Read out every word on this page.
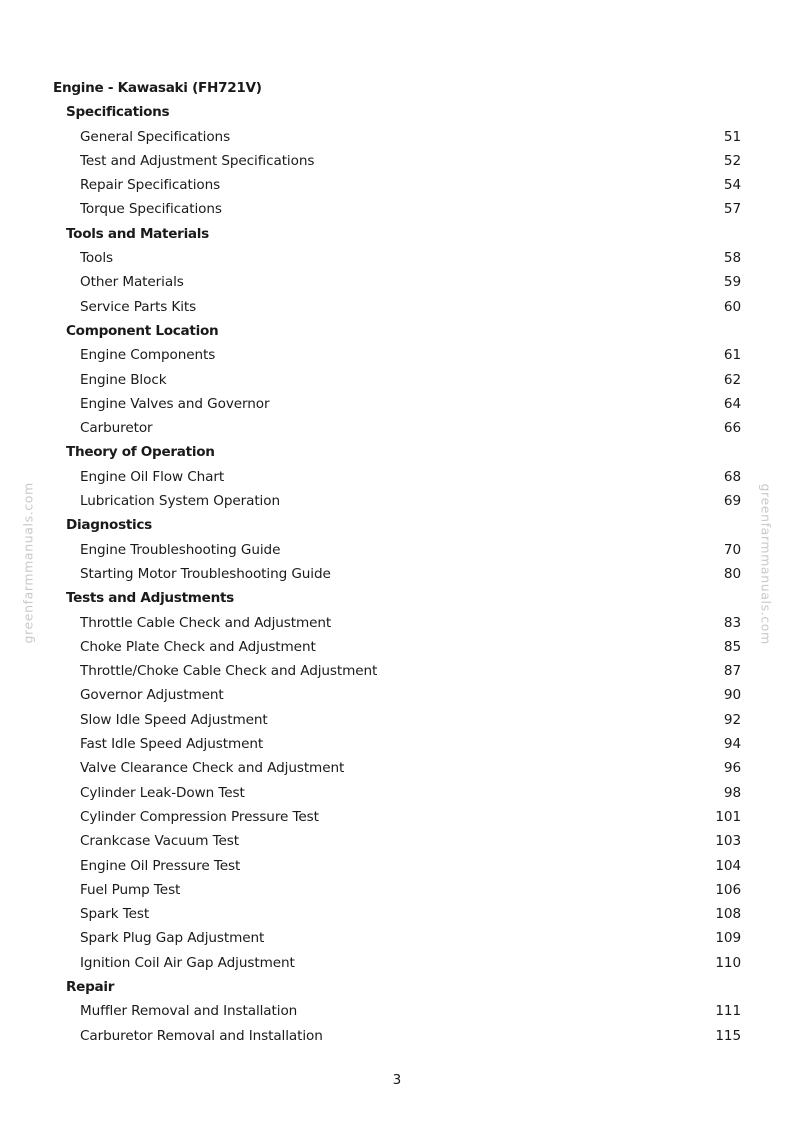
greenfarmmanuals.com	greenfarmmanuals.com
Engine - Kawasaki (FH721V)
Specifications
General Specifications	51
Test and Adjustment Specifications	52
Repair Specifications	54
Torque Specifications	57
Tools and Materials
Tools	58
Other Materials	59
Service Parts Kits	60
Component Location
Engine Components	61
Engine Block	62
Engine Valves and Governor	64
Carburetor	66
Theory of Operation
Engine Oil Flow Chart	68
Lubrication System Operation	69
Diagnostics
Engine Troubleshooting Guide	70
Starting Motor Troubleshooting Guide	80
Tests and Adjustments
Throttle Cable Check and Adjustment	83
Choke Plate Check and Adjustment	85
Throttle/Choke Cable Check and Adjustment	87
Governor Adjustment	90
Slow Idle Speed Adjustment	92
Fast Idle Speed Adjustment	94
Valve Clearance Check and Adjustment	96
Cylinder Leak-Down Test	98
Cylinder Compression Pressure Test	101
Crankcase Vacuum Test	103
Engine Oil Pressure Test	104
Fuel Pump Test	106
Spark Test	108
Spark Plug Gap Adjustment	109
Ignition Coil Air Gap Adjustment	110
Repair
Muffler Removal and Installation	111
Carburetor Removal and Installation	115
3
